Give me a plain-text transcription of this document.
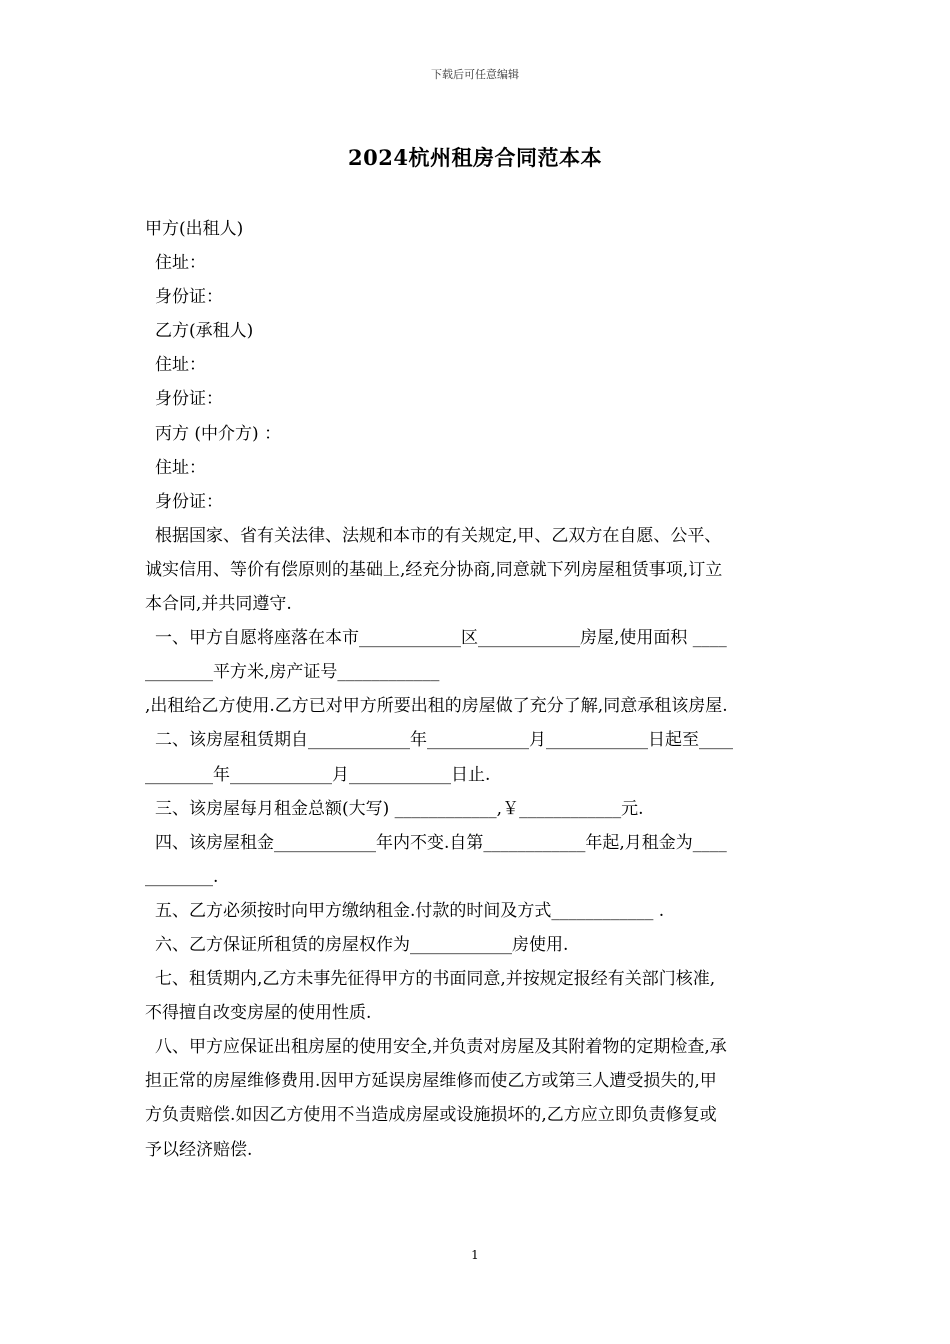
下载后可任意编辑
2024杭州租房合同范本本
甲方(出租人)
住址：
身份证：
乙方(承租人)
住址：
身份证：
丙方 (中介方) ：
住址：
身份证：
根据国家、省有关法律、法规和本市的有关规定,甲、乙双方在自愿、公平、
诚实信用、等价有偿原则的基础上,经充分协商,同意就下列房屋租赁事项,订立
本合同,并共同遵守.
一、甲方自愿将座落在本市____________区____________房屋,使用面积 ____
________平方米,房产证号____________
,出租给乙方使用.乙方已对甲方所要出租的房屋做了充分了解,同意承租该房屋.
二、该房屋租赁期自____________年____________月____________日起至____
________年____________月____________日止.
三、该房屋每月租金总额(大写) ____________,￥____________元.
四、该房屋租金____________年内不变.自第____________年起,月租金为____
________.
五、乙方必须按时向甲方缴纳租金.付款的时间及方式____________ .
六、乙方保证所租赁的房屋权作为____________房使用.
七、租赁期内,乙方未事先征得甲方的书面同意,并按规定报经有关部门核准,
不得擅自改变房屋的使用性质.
八、甲方应保证出租房屋的使用安全,并负责对房屋及其附着物的定期检查,承
担正常的房屋维修费用.因甲方延误房屋维修而使乙方或第三人遭受损失的,甲
方负责赔偿.如因乙方使用不当造成房屋或设施损坏的,乙方应立即负责修复或
予以经济赔偿.
1
